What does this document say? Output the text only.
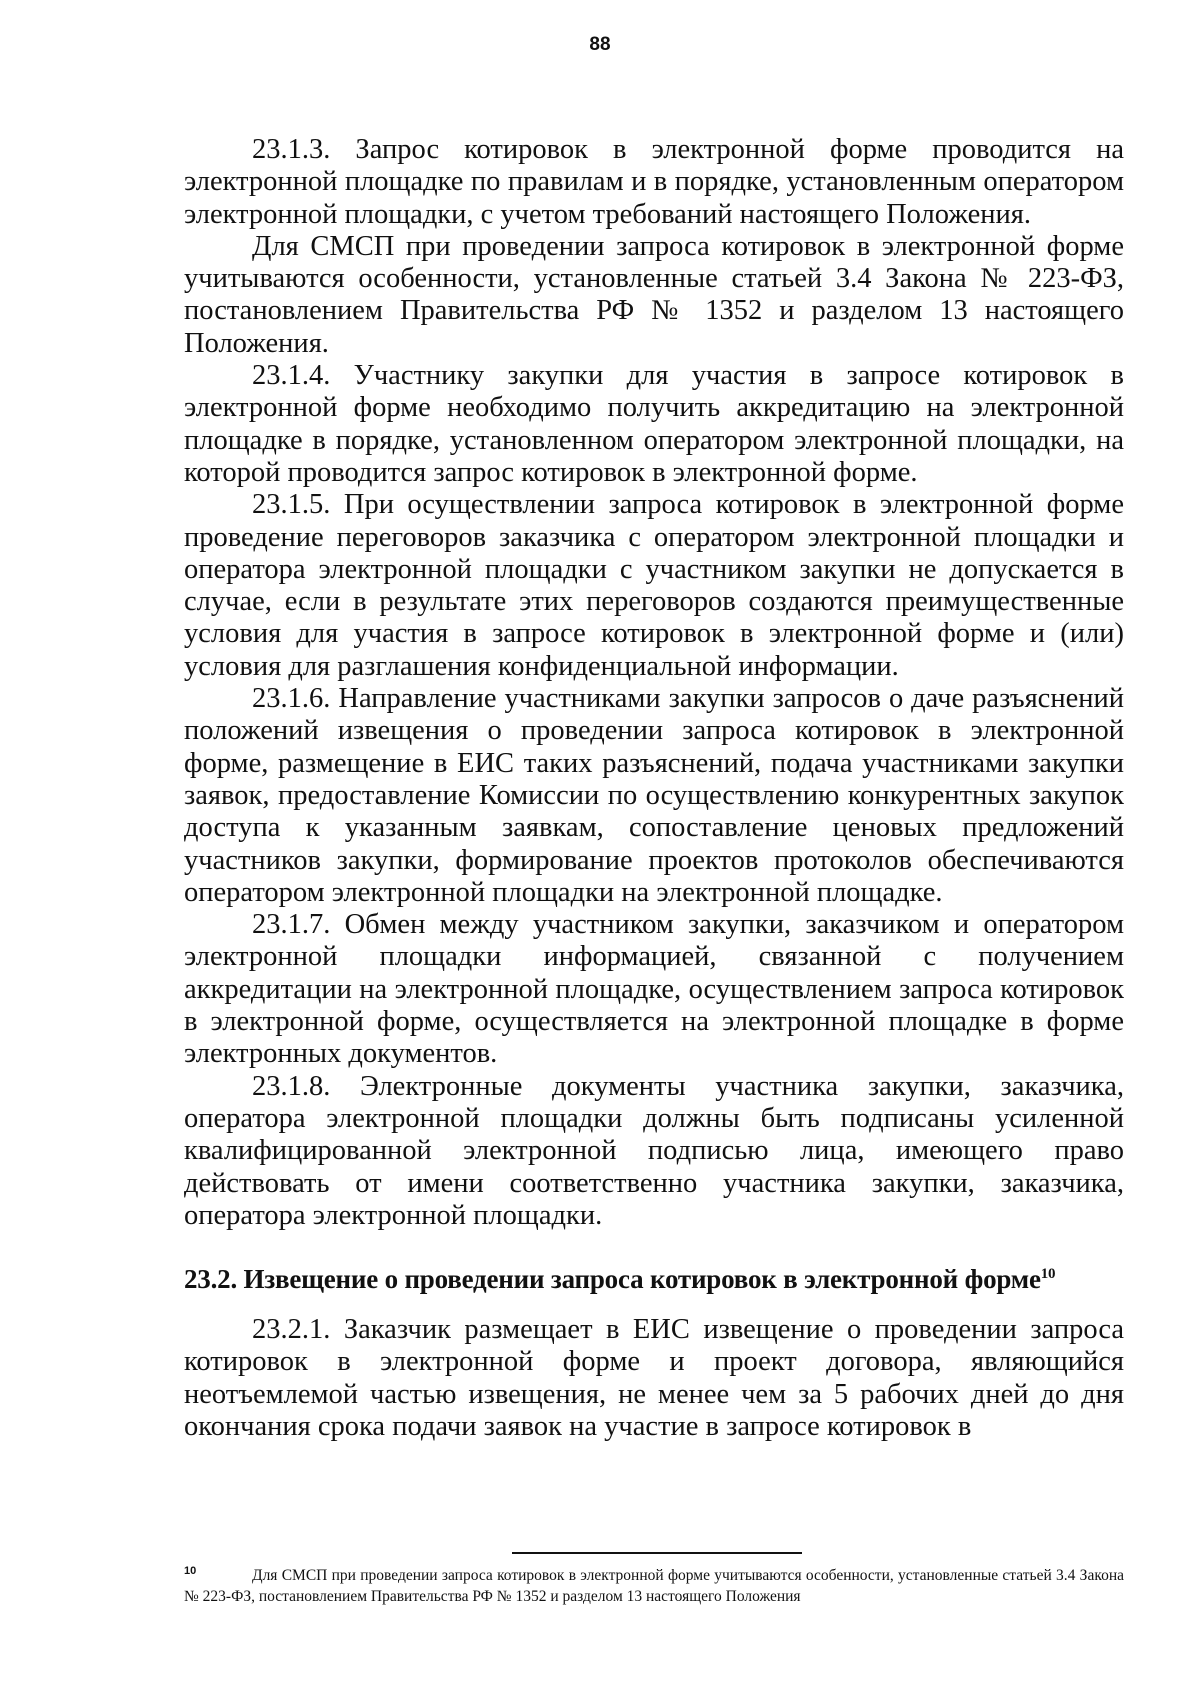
88

23.1.3. Запрос котировок в электронной форме проводится на электронной площадке по правилам и в порядке, установленным оператором электронной площадки, с учетом требований настоящего Положения.

Для СМСП при проведении запроса котировок в электронной форме учитываются особенности, установленные статьей 3.4 Закона № 223-ФЗ, постановлением Правительства РФ № 1352 и разделом 13 настоящего Положения.

23.1.4. Участнику закупки для участия в запросе котировок в электронной форме необходимо получить аккредитацию на электронной площадке в порядке, установленном оператором электронной площадки, на которой проводится запрос котировок в электронной форме.

23.1.5. При осуществлении запроса котировок в электронной форме проведение переговоров заказчика с оператором электронной площадки и оператора электронной площадки с участником закупки не допускается в случае, если в результате этих переговоров создаются преимущественные условия для участия в запросе котировок в электронной форме и (или) условия для разглашения конфиденциальной информации.

23.1.6. Направление участниками закупки запросов о даче разъяснений положений извещения о проведении запроса котировок в электронной форме, размещение в ЕИС таких разъяснений, подача участниками закупки заявок, предоставление Комиссии по осуществлению конкурентных закупок доступа к указанным заявкам, сопоставление ценовых предложений участников закупки, формирование проектов протоколов обеспечиваются оператором электронной площадки на электронной площадке.

23.1.7. Обмен между участником закупки, заказчиком и оператором электронной площадки информацией, связанной с получением аккредитации на электронной площадке, осуществлением запроса котировок в электронной форме, осуществляется на электронной площадке в форме электронных документов.

23.1.8. Электронные документы участника закупки, заказчика, оператора электронной площадки должны быть подписаны усиленной квалифицированной электронной подписью лица, имеющего право действовать от имени соответственно участника закупки, заказчика, оператора электронной площадки.

23.2. Извещение о проведении запроса котировок в электронной форме$^{10}$

23.2.1. Заказчик размещает в ЕИС извещение о проведении запроса котировок в электронной форме и проект договора, являющийся неотъемлемой частью извещения, не менее чем за 5 рабочих дней до дня окончания срока подачи заявок на участие в запросе котировок в

10	Для СМСП при проведении запроса котировок в электронной форме учитываются особенности, установленные статьей 3.4 Закона № 223-ФЗ, постановлением Правительства РФ № 1352 и разделом 13 настоящего Положения
